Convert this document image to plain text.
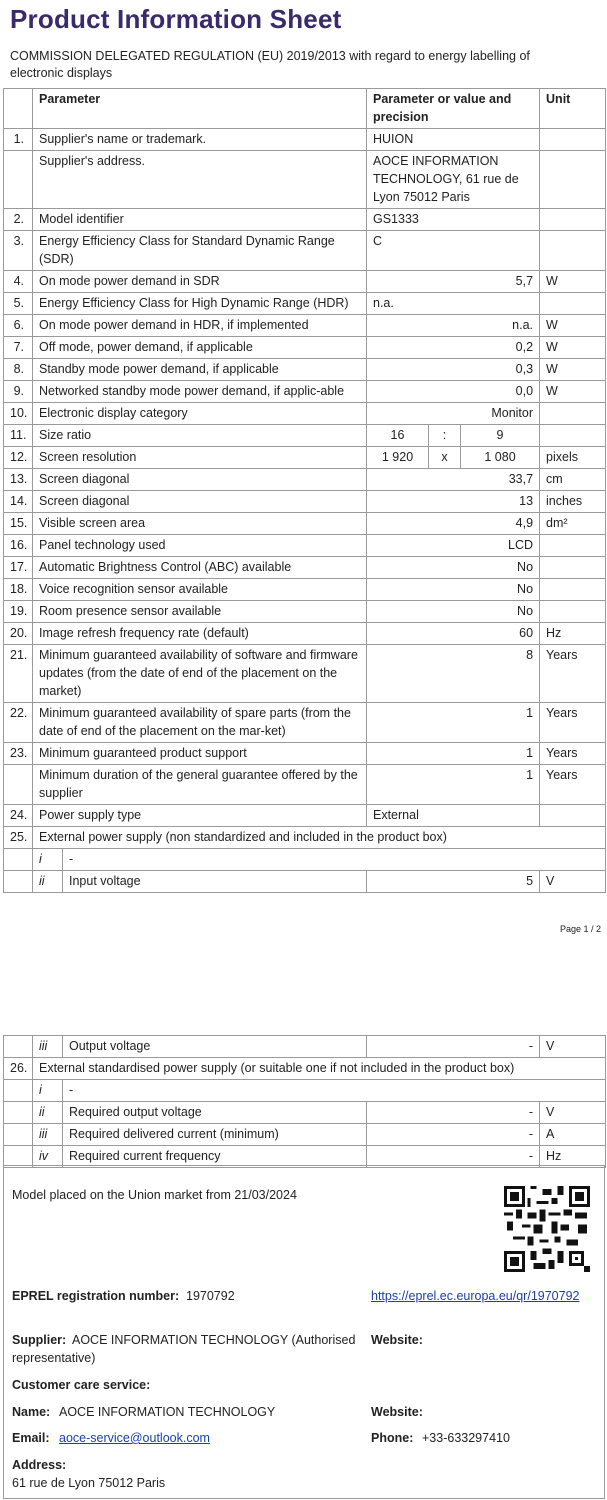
Product Information Sheet
COMMISSION DELEGATED REGULATION (EU) 2019/2013 with regard to energy labelling of electronic displays
	Parameter		Parameter or value and precision			Unit
1.	Supplier's name or trademark.		HUION			
	Supplier's address.		AOCE INFORMATION TECHNOLOGY, 61 rue de Lyon 75012 Paris			
2.	Model identifier		GS1333			
3.	Energy Efficiency Class for Standard Dynamic Range (SDR)		C			
4.	On mode power demand in SDR		5,7			W
5.	Energy Efficiency Class for High Dynamic Range (HDR)		n.a.			
6.	On mode power demand in HDR, if implemented		n.a.			W
7.	Off mode, power demand, if applicable		0,2			W
8.	Standby mode power demand, if applicable		0,3			W
9.	Networked standby mode power demand, if applic-able		0,0			W
10.	Electronic display category		Monitor			
11.	Size ratio		16	:	9	
12.	Screen resolution		1 920	x	1 080	pixels
13.	Screen diagonal		33,7			cm
14.	Screen diagonal		13			inches
15.	Visible screen area		4,9			dm²
16.	Panel technology used		LCD			
17.	Automatic Brightness Control (ABC) available		No			
18.	Voice recognition sensor available		No			
19.	Room presence sensor available		No			
20.	Image refresh frequency rate (default)		60			Hz
21.	Minimum guaranteed availability of software and firmware updates (from the date of end of the placement on the market)		8			Years
22.	Minimum guaranteed availability of spare parts (from the date of end of the placement on the mar-ket)		1			Years
23.	Minimum guaranteed product support		1			Years
	Minimum duration of the general guarantee offered by the supplier		1			Years
24.	Power supply type		External			
25.	External power supply (non standardized and included in the product box)					
	i	-				
	ii	Input voltage	5			V
Page 1 / 2
	iii	Output voltage	-	V
26.	External standardised power supply (or suitable one if not included in the product box)			
	i	-		
	ii	Required output voltage	-	V
	iii	Required delivered current (minimum)	-	A
	iv	Required current frequency	-	Hz
Model placed on the Union market from 21/03/2024
EPREL registration number: 1970792	https://eprel.ec.europa.eu/qr/1970792
Supplier: AOCE INFORMATION TECHNOLOGY (Authorised representative)
Website:
Customer care service:
Name: AOCE INFORMATION TECHNOLOGY	Website:
Email: aoce-service@outlook.com	Phone: +33-633297410
Address:
61 rue de Lyon 75012 Paris
